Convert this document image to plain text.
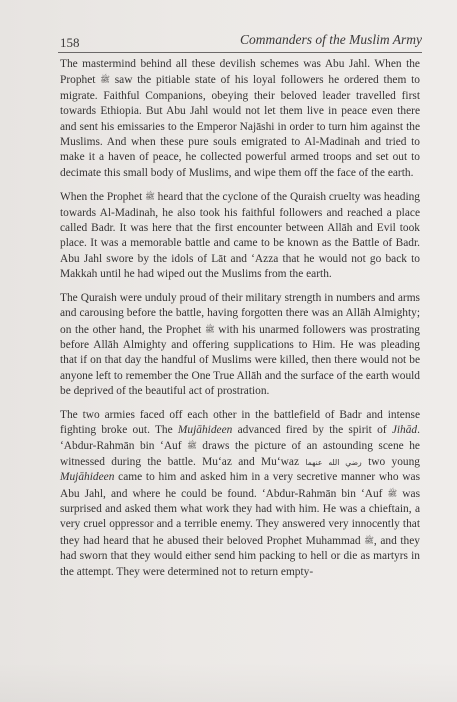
158	Commanders of the Muslim Army

The mastermind behind all these devilish schemes was Abu Jahl. When the Prophet ﷺ saw the pitiable state of his loyal followers he ordered them to migrate. Faithful Companions, obeying their beloved leader travelled first towards Ethiopia. But Abu Jahl would not let them live in peace even there and sent his emissaries to the Emperor Najāshi in order to turn him against the Muslims. And when these pure souls emigrated to Al-Madinah and tried to make it a haven of peace, he collected powerful armed troops and set out to decimate this small body of Muslims, and wipe them off the face of the earth.

When the Prophet ﷺ heard that the cyclone of the Quraish cruelty was heading towards Al-Madinah, he also took his faithful followers and reached a place called Badr. It was here that the first encounter between Allāh and Evil took place. It was a memorable battle and came to be known as the Battle of Badr. Abu Jahl swore by the idols of Lāt and ‘Azza that he would not go back to Makkah until he had wiped out the Muslims from the earth.

The Quraish were unduly proud of their military strength in numbers and arms and carousing before the battle, having forgotten there was an Allāh Almighty; on the other hand, the Prophet ﷺ with his unarmed followers was prostrating before Allāh Almighty and offering supplications to Him. He was pleading that if on that day the handful of Muslims were killed, then there would not be anyone left to remember the One True Allāh and the surface of the earth would be deprived of the beautiful act of prostration.

The two armies faced off each other in the battlefield of Badr and intense fighting broke out. The Mujāhideen advanced fired by the spirit of Jihād. ‘Abdur-Rahmān bin ‘Auf ﷺ draws the picture of an astounding scene he witnessed during the battle. Mu‘az and Mu‘waz رضي الله عنهما two young Mujāhideen came to him and asked him in a very secretive manner who was Abu Jahl, and where he could be found. ‘Abdur-Rahmān bin ‘Auf ﷺ was surprised and asked them what work they had with him. He was a chieftain, a very cruel oppressor and a terrible enemy. They answered very innocently that they had heard that he abused their beloved Prophet Muhammad ﷺ, and they had sworn that they would either send him packing to hell or die as martyrs in the attempt. They were determined not to return empty-
